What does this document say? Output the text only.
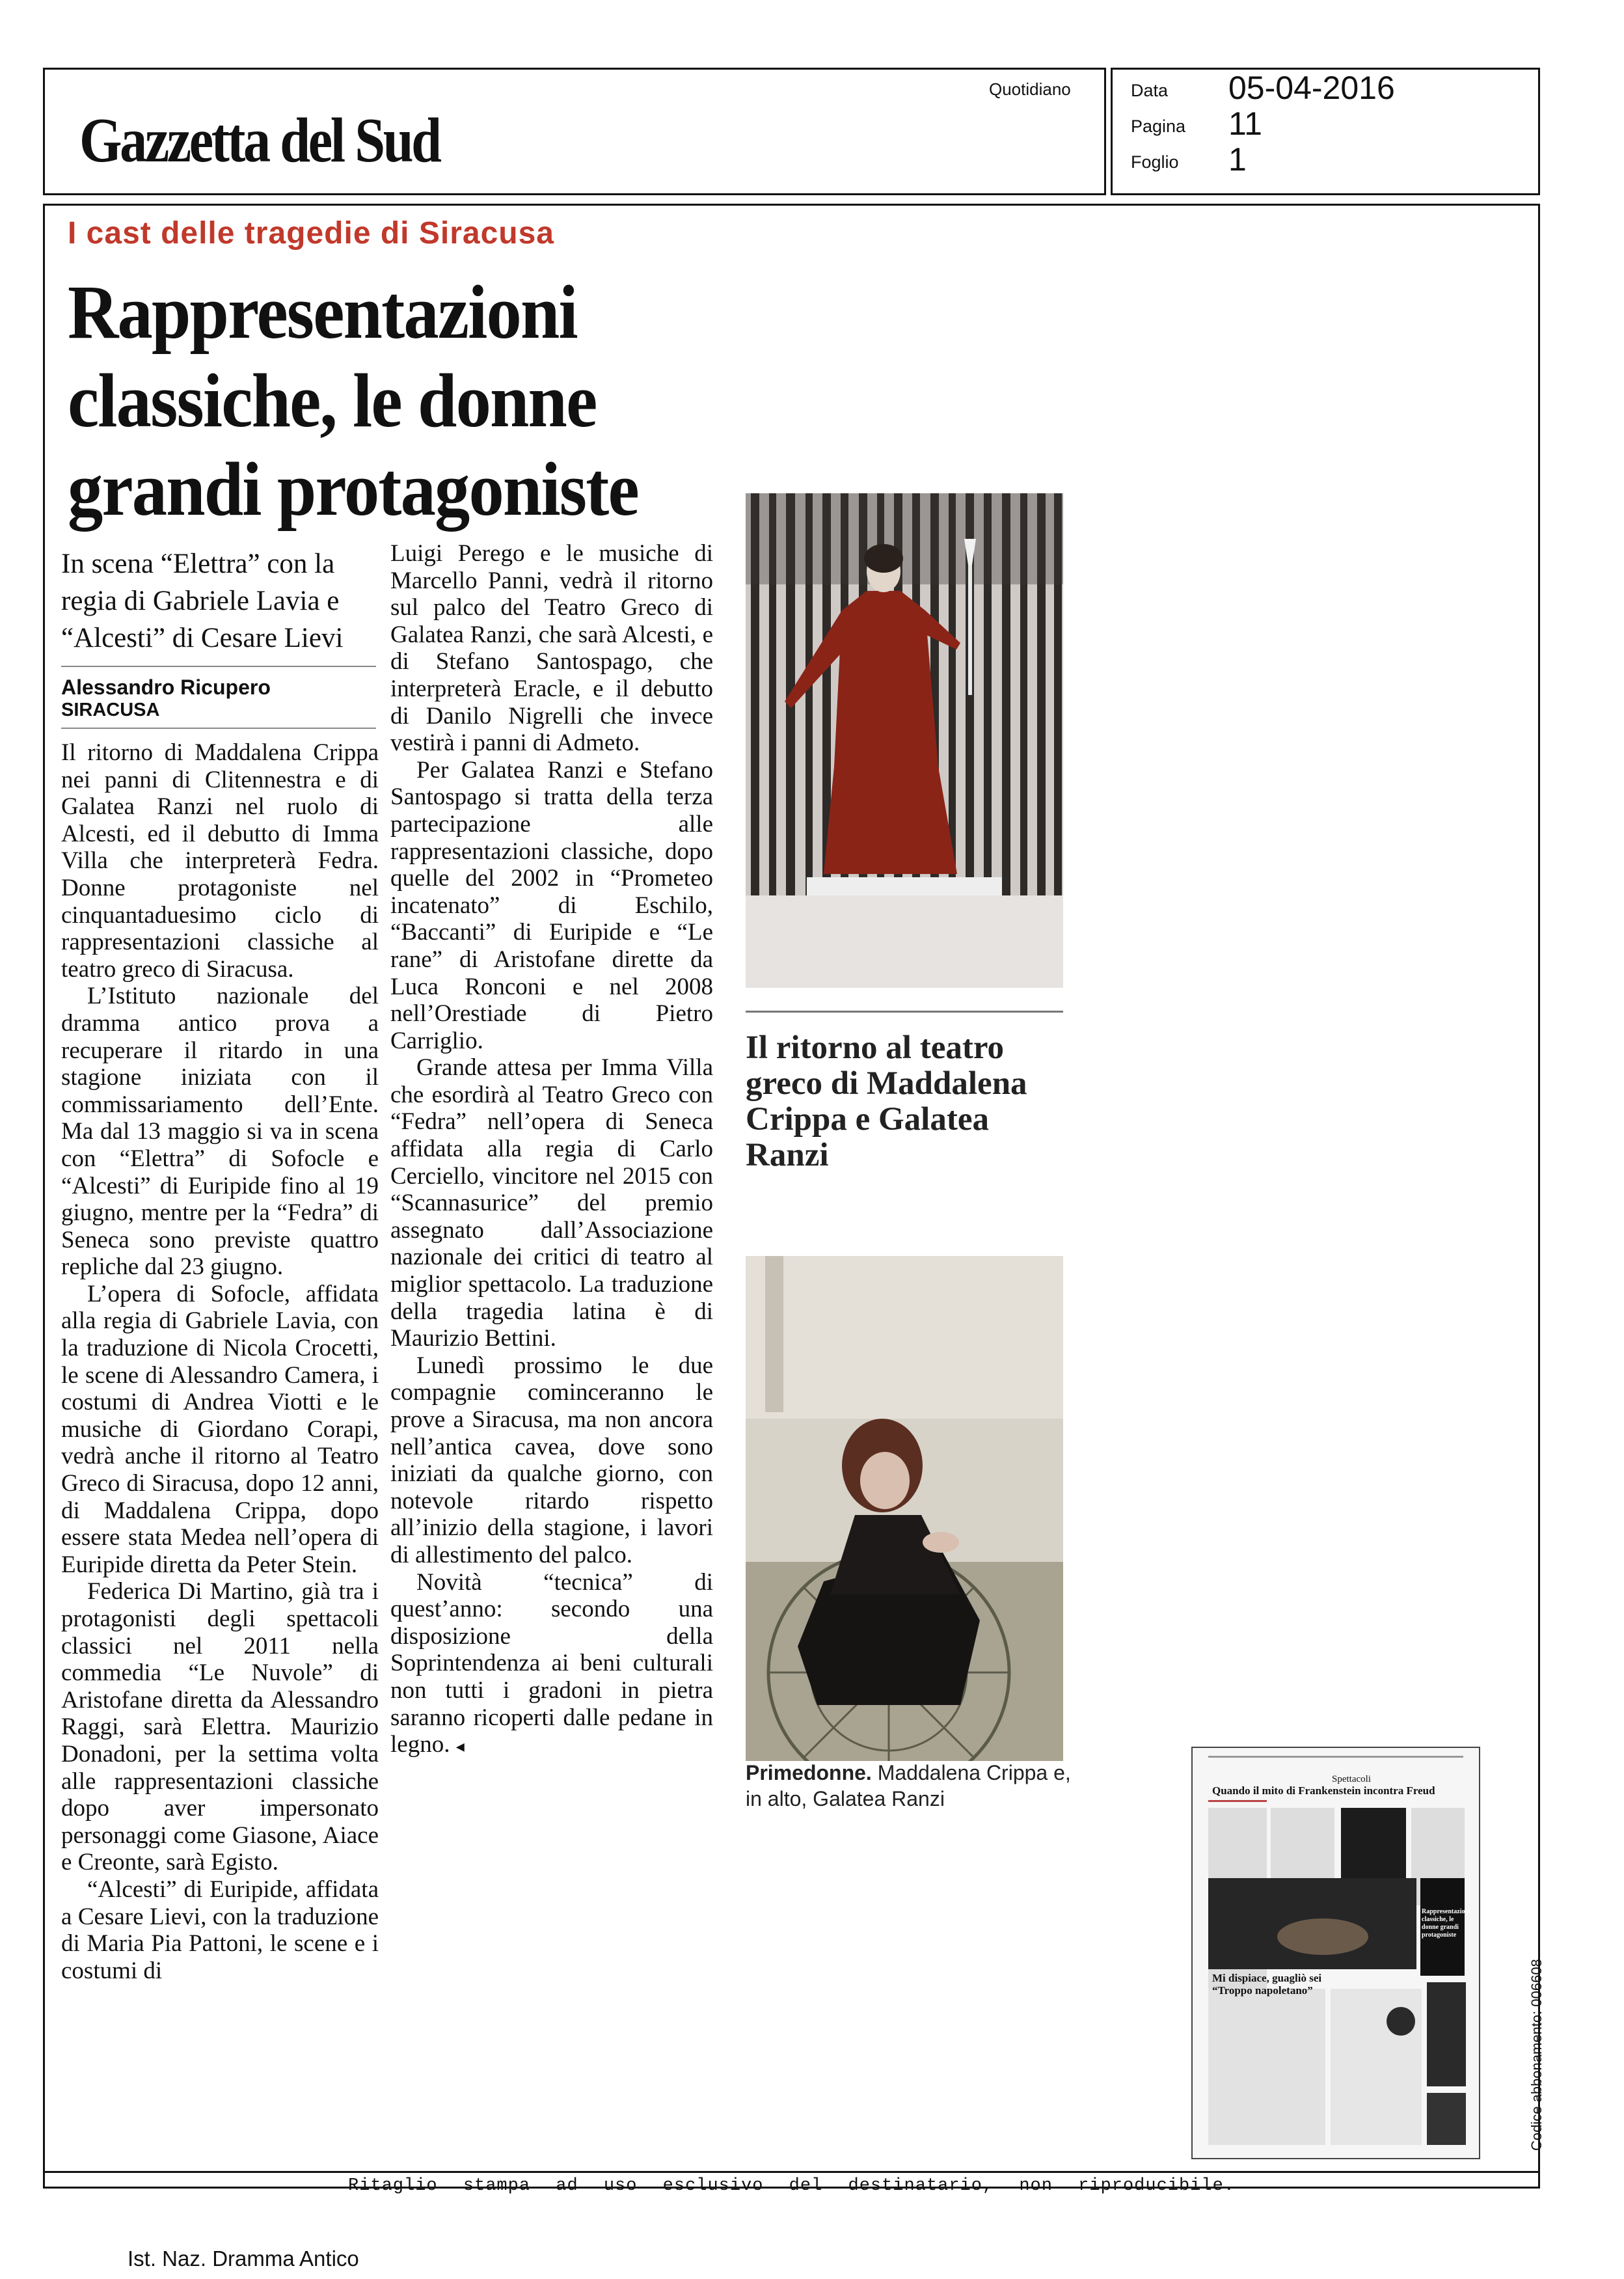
Gazzetta del Sud
Quotidiano	Data 05-04-2016
Pagina 11
Foglio 1
I cast delle tragedie di Siracusa
Rappresentazioni
classiche, le donne
grandi protagoniste
In scena “Elettra” con la regia di Gabriele Lavia e “Alcesti” di Cesare Lievi
Alessandro Ricupero
SIRACUSA

Il ritorno di Maddalena Crippa nei panni di Clitennestra e di Galatea Ranzi nel ruolo di Alcesti, ed il debutto di Imma Villa che interpreterà Fedra. Donne protagoniste nel cinquantaduesimo ciclo di rappresentazioni classiche al teatro greco di Siracusa.

L’Istituto nazionale del dramma antico prova a recuperare il ritardo in una stagione iniziata con il commissariamento dell’Ente. Ma dal 13 maggio si va in scena con “Elettra” di Sofocle e “Alcesti” di Euripide fino al 19 giugno, mentre per la “Fedra” di Seneca sono previste quattro repliche dal 23 giugno.

L’opera di Sofocle, affidata alla regia di Gabriele Lavia, con la traduzione di Nicola Crocetti, le scene di Alessandro Camera, i costumi di Andrea Viotti e le musiche di Giordano Corapi, vedrà anche il ritorno al Teatro Greco di Siracusa, dopo 12 anni, di Maddalena Crippa, dopo essere stata Medea nell’opera di Euripide diretta da Peter Stein.

Federica Di Martino, già tra i protagonisti degli spettacoli classici nel 2011 nella commedia “Le Nuvole” di Aristofane diretta da Alessandro Raggi, sarà Elettra. Maurizio Donadoni, per la settima volta alle rappresentazioni classiche dopo aver impersonato personaggi come Giasone, Aiace e Creonte, sarà Egisto.

“Alcesti” di Euripide, affidata a Cesare Lievi, con la traduzione di Maria Pia Pattoni, le scene e i costumi di

Luigi Perego e le musiche di Marcello Panni, vedrà il ritorno sul palco del Teatro Greco di Galatea Ranzi, che sarà Alcesti, e di Stefano Santospago, che interpreterà Eracle, e il debutto di Danilo Nigrelli che invece vestirà i panni di Admeto.

Per Galatea Ranzi e Stefano Santospago si tratta della terza partecipazione alle rappresentazioni classiche, dopo quelle del 2002 in “Prometeo incatenato” di Eschilo, “Baccanti” di Euripide e “Le rane” di Aristofane dirette da Luca Ronconi e nel 2008 nell’Orestiade di Pietro Carriglio.

Grande attesa per Imma Villa che esordirà al Teatro Greco con “Fedra” nell’opera di Seneca affidata alla regia di Carlo Cerciello, vincitore nel 2015 con “Scannasurice” del premio assegnato dall’Associazione nazionale dei critici di teatro al miglior spettacolo. La traduzione della tragedia latina è di Maurizio Bettini.

Lunedì prossimo le due compagnie cominceranno le prove a Siracusa, ma non ancora nell’antica cavea, dove sono iniziati da qualche giorno, con notevole ritardo rispetto all’inizio della stagione, i lavori di allestimento del palco.

Novità “tecnica” di quest’anno: secondo una disposizione della Soprintendenza ai beni culturali non tutti i gradoni in pietra saranno ricoperti dalle pedane in legno. ◂

Il ritorno al teatro greco di Maddalena Crippa e Galatea Ranzi
Primedonne. Maddalena Crippa e, in alto, Galatea Ranzi
Spettacoli
Quando il mito di Frankenstein incontra Freud
Rappresentazioni classiche, le donne grandi protagoniste
Mi dispiace, guagliò sei “Troppo napoletano”	Codice abbonamento: 006608
Ritaglio stampa ad uso esclusivo del destinatario, non riproducibile.
Ist. Naz. Dramma Antico
